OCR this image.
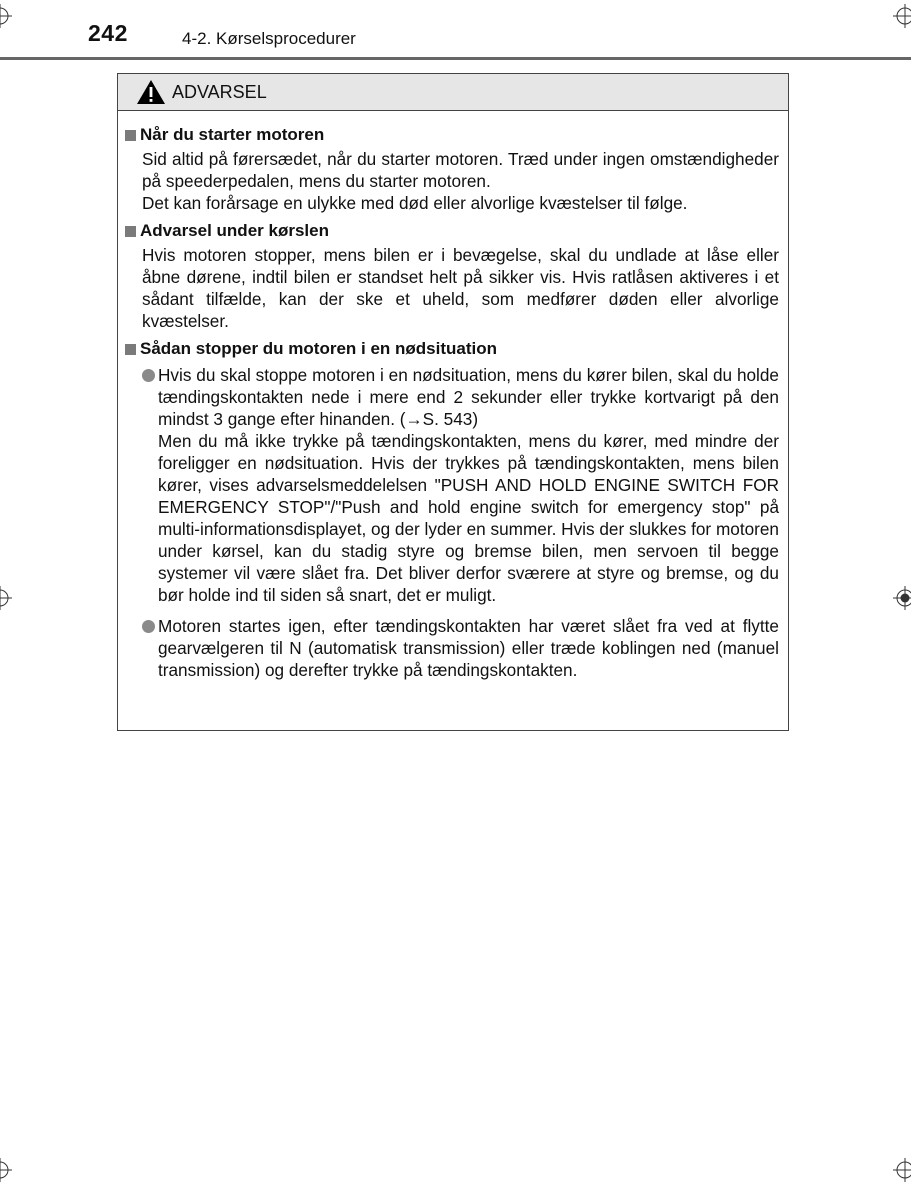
242	4-2. Kørselsprocedurer
ADVARSEL
Når du starter motoren

Sid altid på førersædet, når du starter motoren. Træd under ingen omstændigheder på speederpedalen, mens du starter motoren.

Det kan forårsage en ulykke med død eller alvorlige kvæstelser til følge.

Advarsel under kørslen

Hvis motoren stopper, mens bilen er i bevægelse, skal du undlade at låse eller åbne dørene, indtil bilen er standset helt på sikker vis. Hvis ratlåsen aktiveres i et sådant tilfælde, kan der ske et uheld, som medfører døden eller alvorlige kvæstelser.

Sådan stopper du motoren i en nødsituation

Hvis du skal stoppe motoren i en nødsituation, mens du kører bilen, skal du holde tændingskontakten nede i mere end 2 sekunder eller trykke kortvarigt på den mindst 3 gange efter hinanden. (→S. 543)

Men du må ikke trykke på tændingskontakten, mens du kører, med mindre der foreligger en nødsituation. Hvis der trykkes på tændingskontakten, mens bilen kører, vises advarselsmeddelelsen "PUSH AND HOLD ENGINE SWITCH FOR EMERGENCY STOP"/"Push and hold engine switch for emergency stop" på multi-informationsdisplayet, og der lyder en summer. Hvis der slukkes for motoren under kørsel, kan du stadig styre og bremse bilen, men servoen til begge systemer vil være slået fra. Det bliver derfor sværere at styre og bremse, og du bør holde ind til siden så snart, det er muligt.

Motoren startes igen, efter tændingskontakten har været slået fra ved at flytte gearvælgeren til N (automatisk transmission) eller træde koblingen ned (manuel transmission) og derefter trykke på tændingskontakten.
